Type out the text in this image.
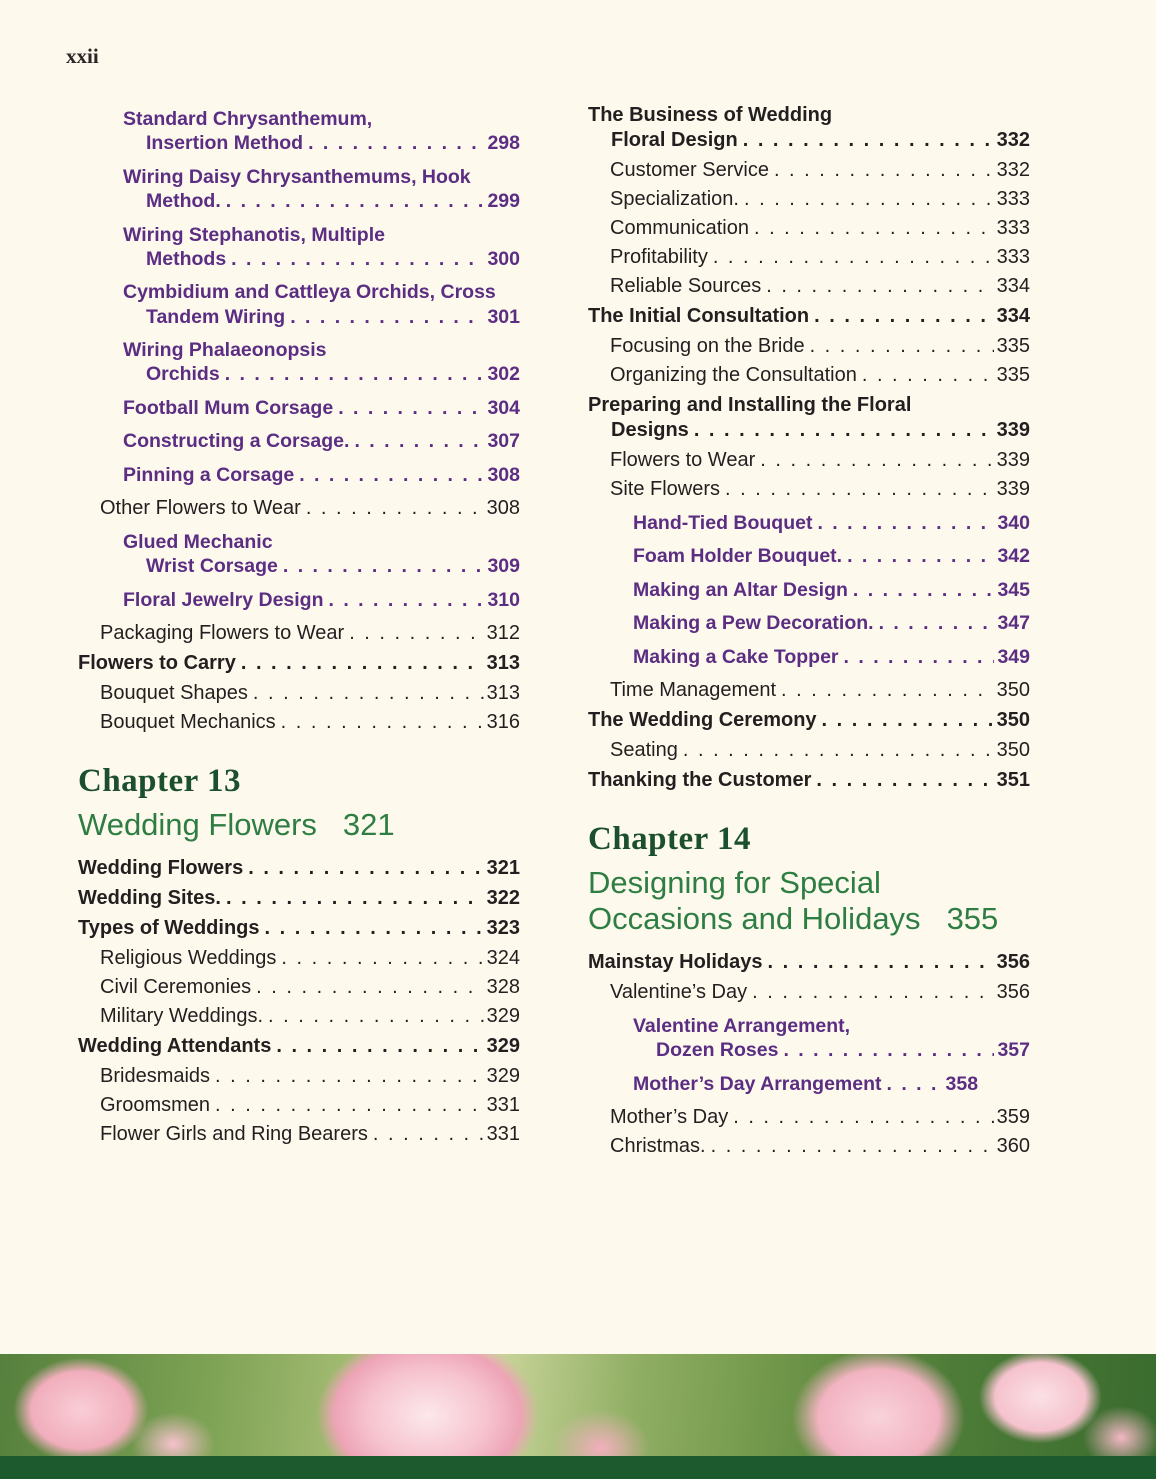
xxii
Standard Chrysanthemum,
Insertion Method . . .	298
Wiring Daisy Chrysanthemums, Hook
Method. . . .	299
Wiring Stephanotis, Multiple
Methods . . .	300
Cymbidium and Cattleya Orchids, Cross
Tandem Wiring . . .	301
Wiring Phalaeonopsis
Orchids . . .	302
Football Mum Corsage . . .	304
Constructing a Corsage. . . .	307
Pinning a Corsage . . .	308
Other Flowers to Wear . . .	308
Glued Mechanic
Wrist Corsage . . .	309
Floral Jewelry Design . . .	310
Packaging Flowers to Wear . . .	312
Flowers to Carry . . .	313
Bouquet Shapes . . .	313
Bouquet Mechanics . . .	316
Chapter 13
Wedding Flowers 321
Wedding Flowers . . .	321
Wedding Sites. . . .	322
Types of Weddings . . .	323
Religious Weddings . . .	324
Civil Ceremonies . . .	328
Military Weddings. . . .	329
Wedding Attendants . . .	329
Bridesmaids . . .	329
Groomsmen . . .	331
Flower Girls and Ring Bearers . . .	331
The Business of Wedding
Floral Design . . .	332
Customer Service . . .	332
Specialization. . . .	333
Communication . . .	333
Profitability . . .	333
Reliable Sources . . .	334
The Initial Consultation . . .	334
Focusing on the Bride . . .	335
Organizing the Consultation . . .	335
Preparing and Installing the Floral
Designs . . .	339
Flowers to Wear . . .	339
Site Flowers . . .	339
Hand-Tied Bouquet . . .	340
Foam Holder Bouquet. . . .	342
Making an Altar Design . . .	345
Making a Pew Decoration. . . .	347
Making a Cake Topper . . .	349
Time Management . . .	350
The Wedding Ceremony . . .	350
Seating . . .	350
Thanking the Customer . . .	351
Chapter 14
Designing for Special
Occasions and Holidays 355
Mainstay Holidays . . .	356
Valentine’s Day . . .	356
Valentine Arrangement,
Dozen Roses . . .	357
Mother’s Day Arrangement . . .	358
Mother’s Day . . .	359
Christmas. . . .	360
